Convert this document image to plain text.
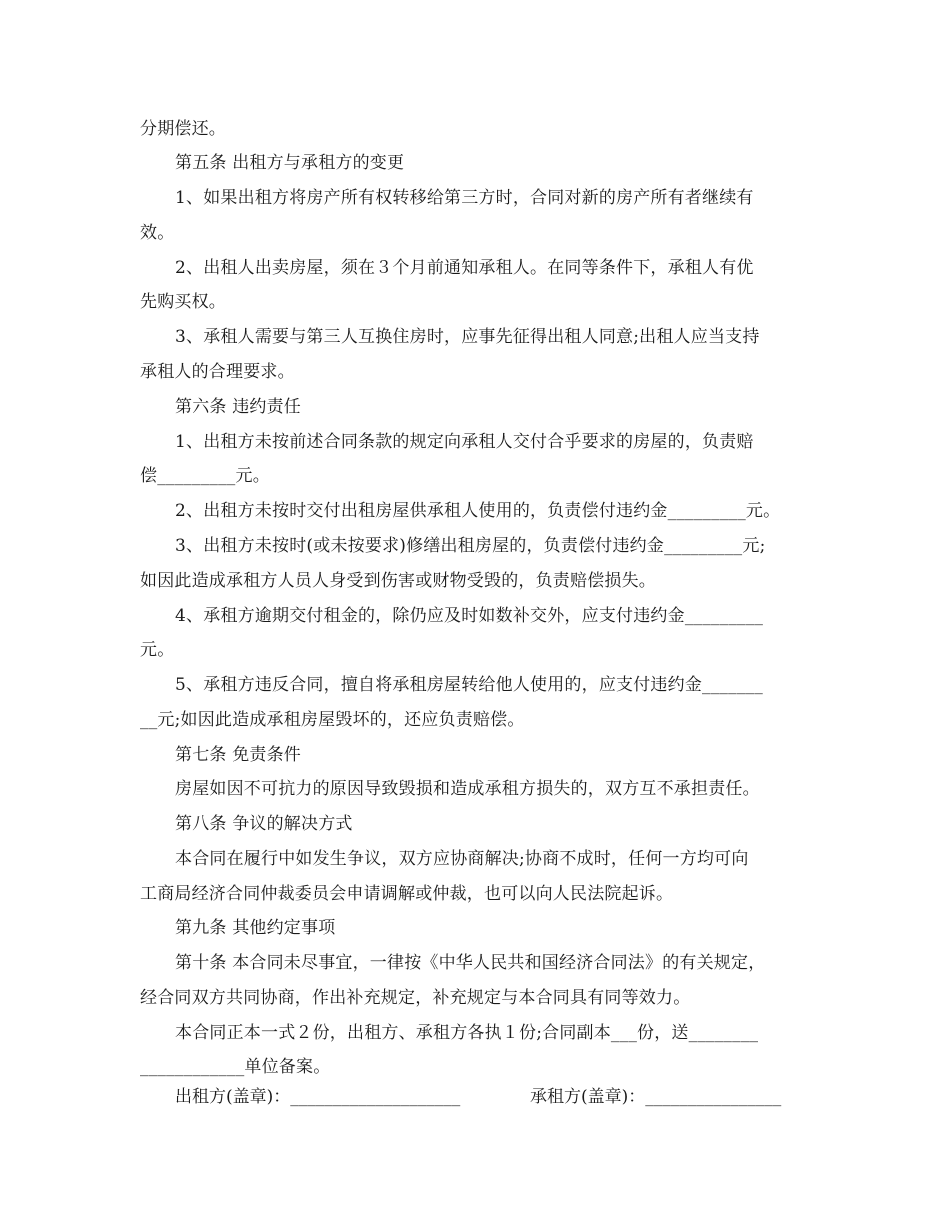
分期偿还。
第五条 出租方与承租方的变更
1、如果出租方将房产所有权转移给第三方时，合同对新的房产所有者继续有
效。
2、出租人出卖房屋，须在３个月前通知承租人。在同等条件下，承租人有优
先购买权。
3、承租人需要与第三人互换住房时，应事先征得出租人同意;出租人应当支持
承租人的合理要求。
第六条 违约责任
1、出租方未按前述合同条款的规定向承租人交付合乎要求的房屋的，负责赔
偿_________元。
2、出租方未按时交付出租房屋供承租人使用的，负责偿付违约金_________元。
3、出租方未按时(或未按要求)修缮出租房屋的，负责偿付违约金_________元;
如因此造成承租方人员人身受到伤害或财物受毁的，负责赔偿损失。
4、承租方逾期交付租金的，除仍应及时如数补交外，应支付违约金_________
元。
5、承租方违反合同，擅自将承租房屋转给他人使用的，应支付违约金_______
__元;如因此造成承租房屋毁坏的，还应负责赔偿。
第七条 免责条件
房屋如因不可抗力的原因导致毁损和造成承租方损失的，双方互不承担责任。
第八条 争议的解决方式
本合同在履行中如发生争议，双方应协商解决;协商不成时，任何一方均可向
工商局经济合同仲裁委员会申请调解或仲裁，也可以向人民法院起诉。
第九条 其他约定事项
第十条 本合同未尽事宜，一律按《中华人民共和国经济合同法》的有关规定，
经合同双方共同协商，作出补充规定，补充规定与本合同具有同等效力。
本合同正本一式２份，出租方、承租方各执１份;合同副本___份，送________
____________单位备案。
出租方(盖章)：____________________	承租方(盖章)：________________
